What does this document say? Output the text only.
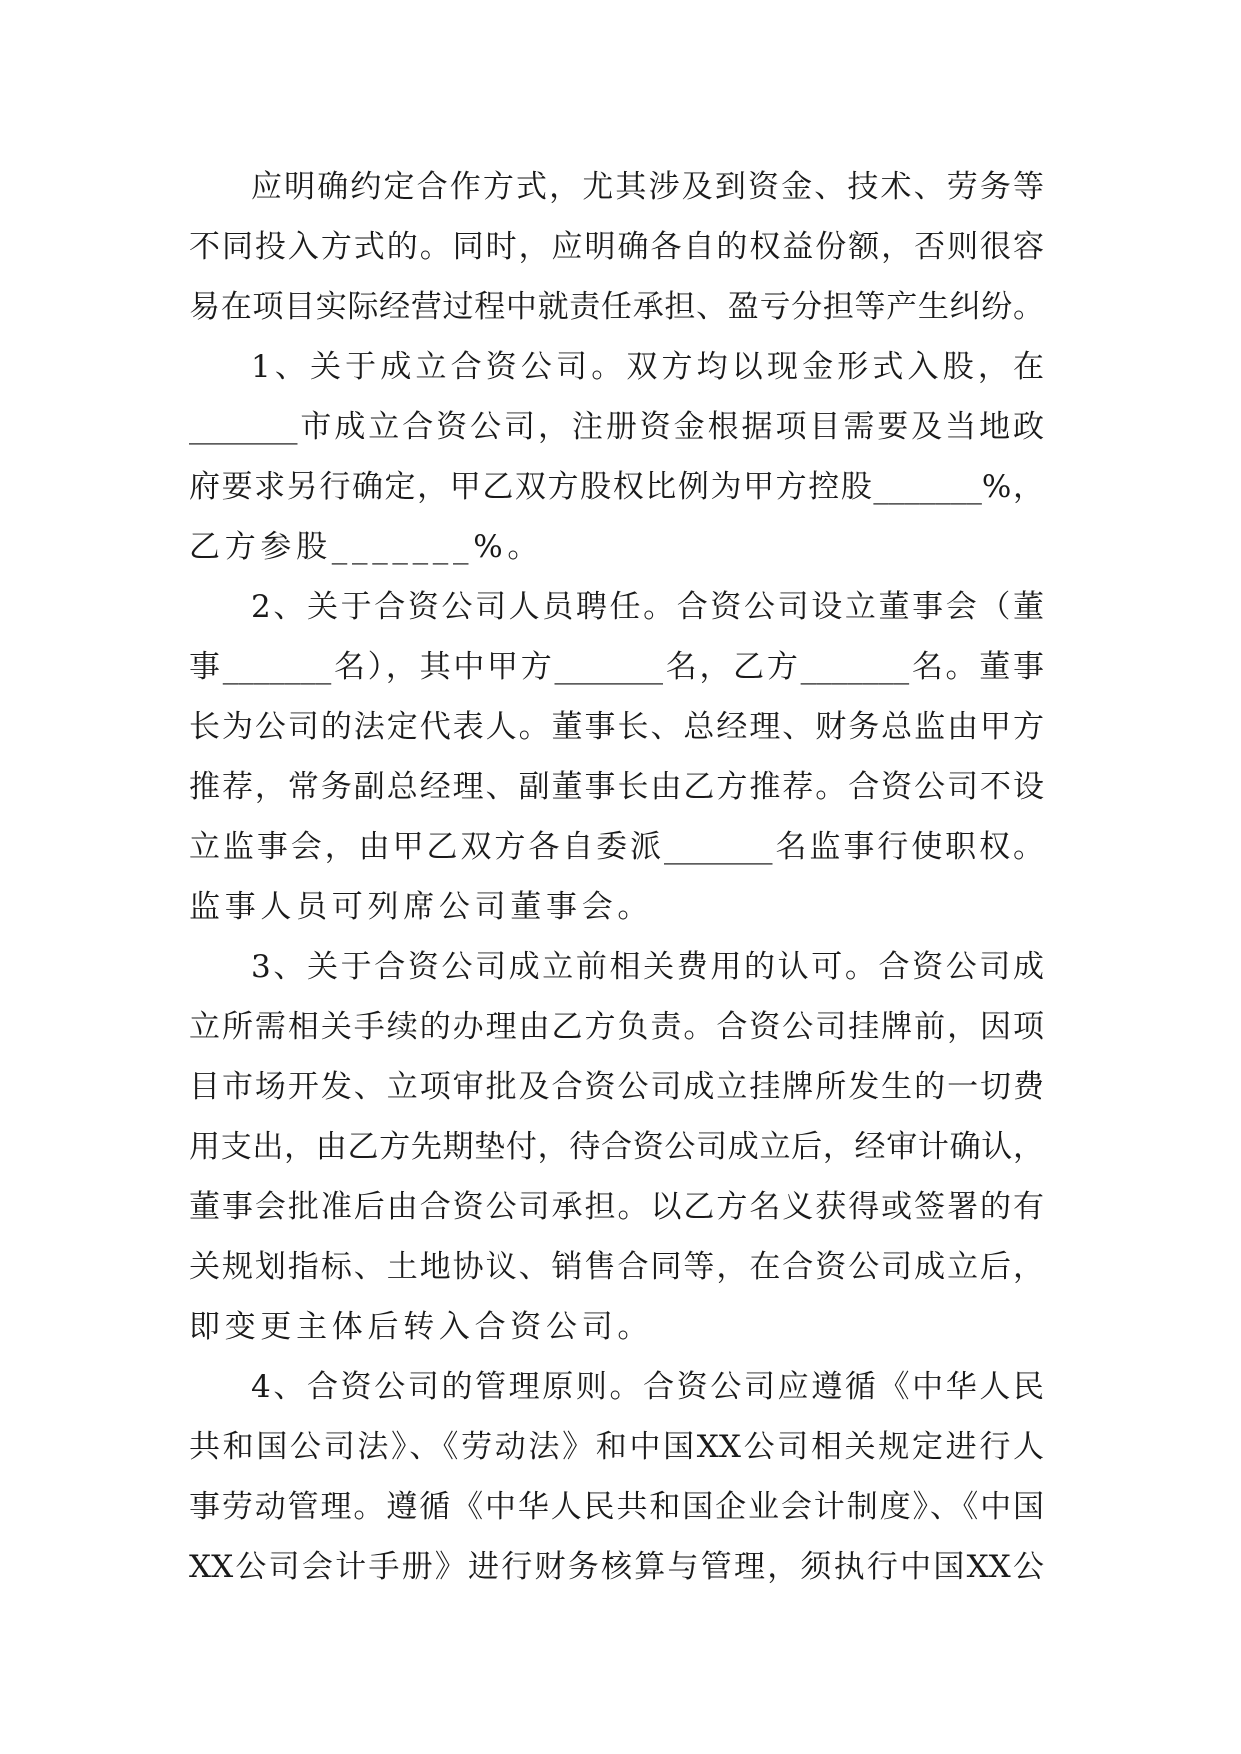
应明确约定合作方式，尤其涉及到资金、技术、劳务等
不同投入方式的。同时，应明确各自的权益份额，否则很容
易在项目实际经营过程中就责任承担、盈亏分担等产生纠纷。
1、关于成立合资公司。双方均以现金形式入股，在
_______市成立合资公司，注册资金根据项目需要及当地政
府要求另行确定，甲乙双方股权比例为甲方控股_______%，
乙方参股_______%。
2、关于合资公司人员聘任。合资公司设立董事会（董
事_______名），其中甲方_______名，乙方_______名。董事
长为公司的法定代表人。董事长、总经理、财务总监由甲方
推荐，常务副总经理、副董事长由乙方推荐。合资公司不设
立监事会，由甲乙双方各自委派_______名监事行使职权。
监事人员可列席公司董事会。
3、关于合资公司成立前相关费用的认可。合资公司成
立所需相关手续的办理由乙方负责。合资公司挂牌前，因项
目市场开发、立项审批及合资公司成立挂牌所发生的一切费
用支出，由乙方先期垫付，待合资公司成立后，经审计确认，
董事会批准后由合资公司承担。以乙方名义获得或签署的有
关规划指标、土地协议、销售合同等，在合资公司成立后，
即变更主体后转入合资公司。
4、合资公司的管理原则。合资公司应遵循《中华人民
共和国公司法》、《劳动法》和中国XX公司相关规定进行人
事劳动管理。遵循《中华人民共和国企业会计制度》、《中国
XX公司会计手册》进行财务核算与管理，须执行中国XX公
